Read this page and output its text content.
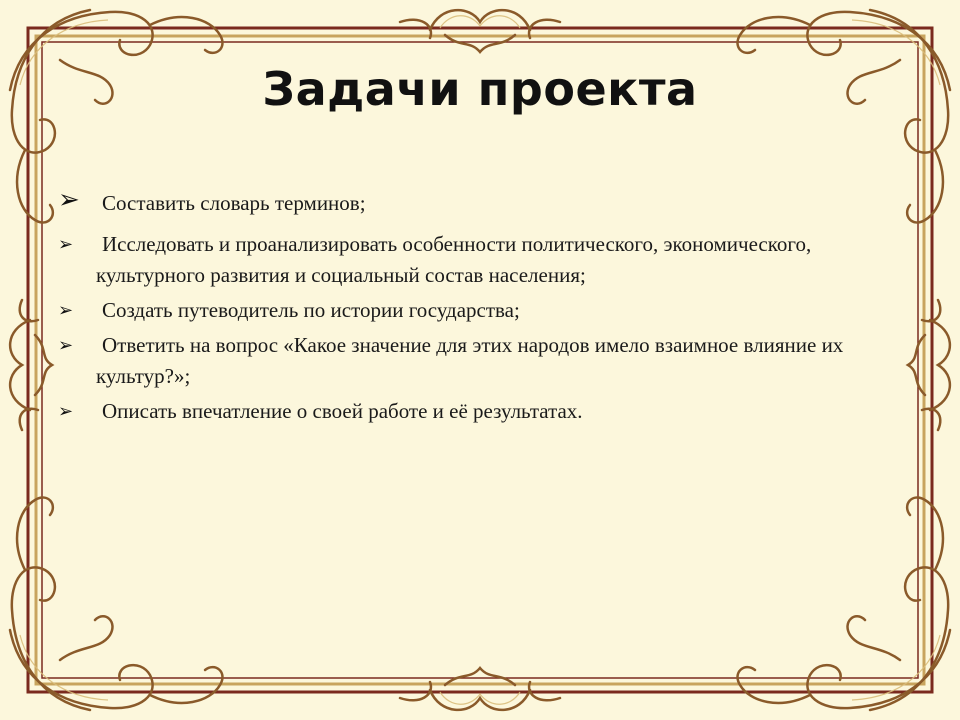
Задачи проекта
➢ Составить словарь терминов;
➢ Исследовать и проанализировать особенности политического, экономического, культурного развития и социальный состав населения;
➢ Создать путеводитель по истории государства;
➢ Ответить на вопрос «Какое значение для этих народов имело взаимное влияние их культур?»;
➢ Описать впечатление о своей работе и её результатах.
